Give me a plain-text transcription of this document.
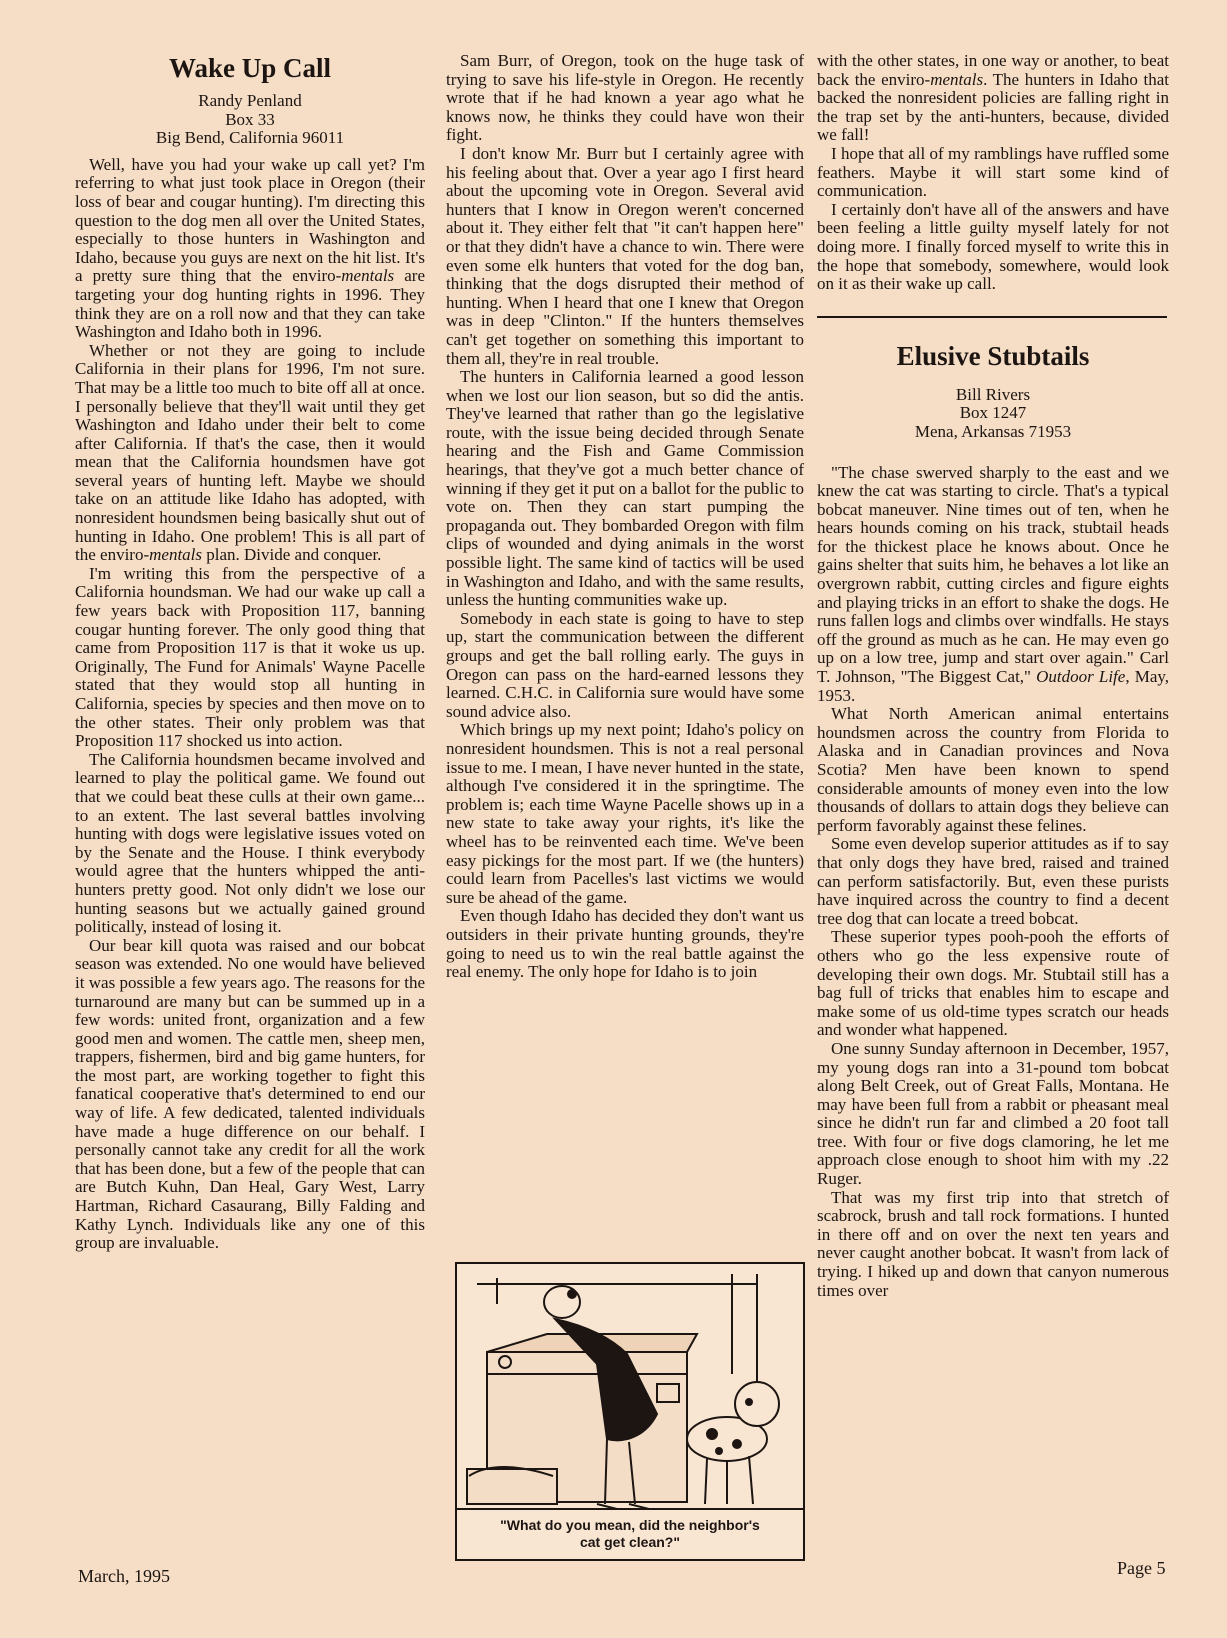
Wake Up Call
Randy Penland
Box 33
Big Bend, California 96011

Well, have you had your wake up call yet? I'm referring to what just took place in Oregon (their loss of bear and cougar hunting). I'm directing this question to the dog men all over the United States, especially to those hunters in Washington and Idaho, because you guys are next on the hit list. It's a pretty sure thing that the enviro-mentals are targeting your dog hunting rights in 1996. They think they are on a roll now and that they can take Washington and Idaho both in 1996.

Whether or not they are going to include California in their plans for 1996, I'm not sure. That may be a little too much to bite off all at once. I personally believe that they'll wait until they get Washington and Idaho under their belt to come after California. If that's the case, then it would mean that the California houndsmen have got several years of hunting left. Maybe we should take on an attitude like Idaho has adopted, with nonresident houndsmen being basically shut out of hunting in Idaho. One problem! This is all part of the enviro-mentals plan. Divide and conquer.

I'm writing this from the perspective of a California houndsman. We had our wake up call a few years back with Proposition 117, banning cougar hunting forever. The only good thing that came from Proposition 117 is that it woke us up. Originally, The Fund for Animals' Wayne Pacelle stated that they would stop all hunting in California, species by species and then move on to the other states. Their only problem was that Proposition 117 shocked us into action.

The California houndsmen became involved and learned to play the political game. We found out that we could beat these culls at their own game... to an extent. The last several battles involving hunting with dogs were legislative issues voted on by the Senate and the House. I think everybody would agree that the hunters whipped the anti-hunters pretty good. Not only didn't we lose our hunting seasons but we actually gained ground politically, instead of losing it.

Our bear kill quota was raised and our bobcat season was extended. No one would have believed it was possible a few years ago. The reasons for the turnaround are many but can be summed up in a few words: united front, organization and a few good men and women. The cattle men, sheep men, trappers, fishermen, bird and big game hunters, for the most part, are working together to fight this fanatical cooperative that's determined to end our way of life. A few dedicated, talented individuals have made a huge difference on our behalf. I personally cannot take any credit for all the work that has been done, but a few of the people that can are Butch Kuhn, Dan Heal, Gary West, Larry Hartman, Richard Casaurang, Billy Falding and Kathy Lynch. Individuals like any one of this group are invaluable.

Sam Burr, of Oregon, took on the huge task of trying to save his life-style in Oregon. He recently wrote that if he had known a year ago what he knows now, he thinks they could have won their fight.

I don't know Mr. Burr but I certainly agree with his feeling about that. Over a year ago I first heard about the upcoming vote in Oregon. Several avid hunters that I know in Oregon weren't concerned about it. They either felt that "it can't happen here" or that they didn't have a chance to win. There were even some elk hunters that voted for the dog ban, thinking that the dogs disrupted their method of hunting. When I heard that one I knew that Oregon was in deep "Clinton." If the hunters themselves can't get together on something this important to them all, they're in real trouble.

The hunters in California learned a good lesson when we lost our lion season, but so did the antis. They've learned that rather than go the legislative route, with the issue being decided through Senate hearing and the Fish and Game Commission hearings, that they've got a much better chance of winning if they get it put on a ballot for the public to vote on. Then they can start pumping the propaganda out. They bombarded Oregon with film clips of wounded and dying animals in the worst possible light. The same kind of tactics will be used in Washington and Idaho, and with the same results, unless the hunting communities wake up.

Somebody in each state is going to have to step up, start the communication between the different groups and get the ball rolling early. The guys in Oregon can pass on the hard-earned lessons they learned. C.H.C. in California sure would have some sound advice also.

Which brings up my next point; Idaho's policy on nonresident houndsmen. This is not a real personal issue to me. I mean, I have never hunted in the state, although I've considered it in the springtime. The problem is; each time Wayne Pacelle shows up in a new state to take away your rights, it's like the wheel has to be reinvented each time. We've been easy pickings for the most part. If we (the hunters) could learn from Pacelles's last victims we would sure be ahead of the game.

Even though Idaho has decided they don't want us outsiders in their private hunting grounds, they're going to need us to win the real battle against the real enemy. The only hope for Idaho is to join

"What do you mean, did the neighbor's
cat get clean?"

with the other states, in one way or another, to beat back the enviro-mentals. The hunters in Idaho that backed the nonresident policies are falling right in the trap set by the anti-hunters, because, divided we fall!

I hope that all of my ramblings have ruffled some feathers. Maybe it will start some kind of communication.

I certainly don't have all of the answers and have been feeling a little guilty myself lately for not doing more. I finally forced myself to write this in the hope that somebody, somewhere, would look on it as their wake up call.

Elusive Stubtails
Bill Rivers
Box 1247
Mena, Arkansas 71953

"The chase swerved sharply to the east and we knew the cat was starting to circle. That's a typical bobcat maneuver. Nine times out of ten, when he hears hounds coming on his track, stubtail heads for the thickest place he knows about. Once he gains shelter that suits him, he behaves a lot like an overgrown rabbit, cutting circles and figure eights and playing tricks in an effort to shake the dogs. He runs fallen logs and climbs over windfalls. He stays off the ground as much as he can. He may even go up on a low tree, jump and start over again." Carl T. Johnson, "The Biggest Cat," Outdoor Life, May, 1953.

What North American animal entertains houndsmen across the country from Florida to Alaska and in Canadian provinces and Nova Scotia? Men have been known to spend considerable amounts of money even into the low thousands of dollars to attain dogs they believe can perform favorably against these felines.

Some even develop superior attitudes as if to say that only dogs they have bred, raised and trained can perform satisfactorily. But, even these purists have inquired across the country to find a decent tree dog that can locate a treed bobcat.

These superior types pooh-pooh the efforts of others who go the less expensive route of developing their own dogs. Mr. Stubtail still has a bag full of tricks that enables him to escape and make some of us old-time types scratch our heads and wonder what happened.

One sunny Sunday afternoon in December, 1957, my young dogs ran into a 31-pound tom bobcat along Belt Creek, out of Great Falls, Montana. He may have been full from a rabbit or pheasant meal since he didn't run far and climbed a 20 foot tall tree. With four or five dogs clamoring, he let me approach close enough to shoot him with my .22 Ruger.

That was my first trip into that stretch of scabrock, brush and tall rock formations. I hunted in there off and on over the next ten years and never caught another bobcat. It wasn't from lack of trying. I hiked up and down that canyon numerous times over

March, 1995	Page 5
